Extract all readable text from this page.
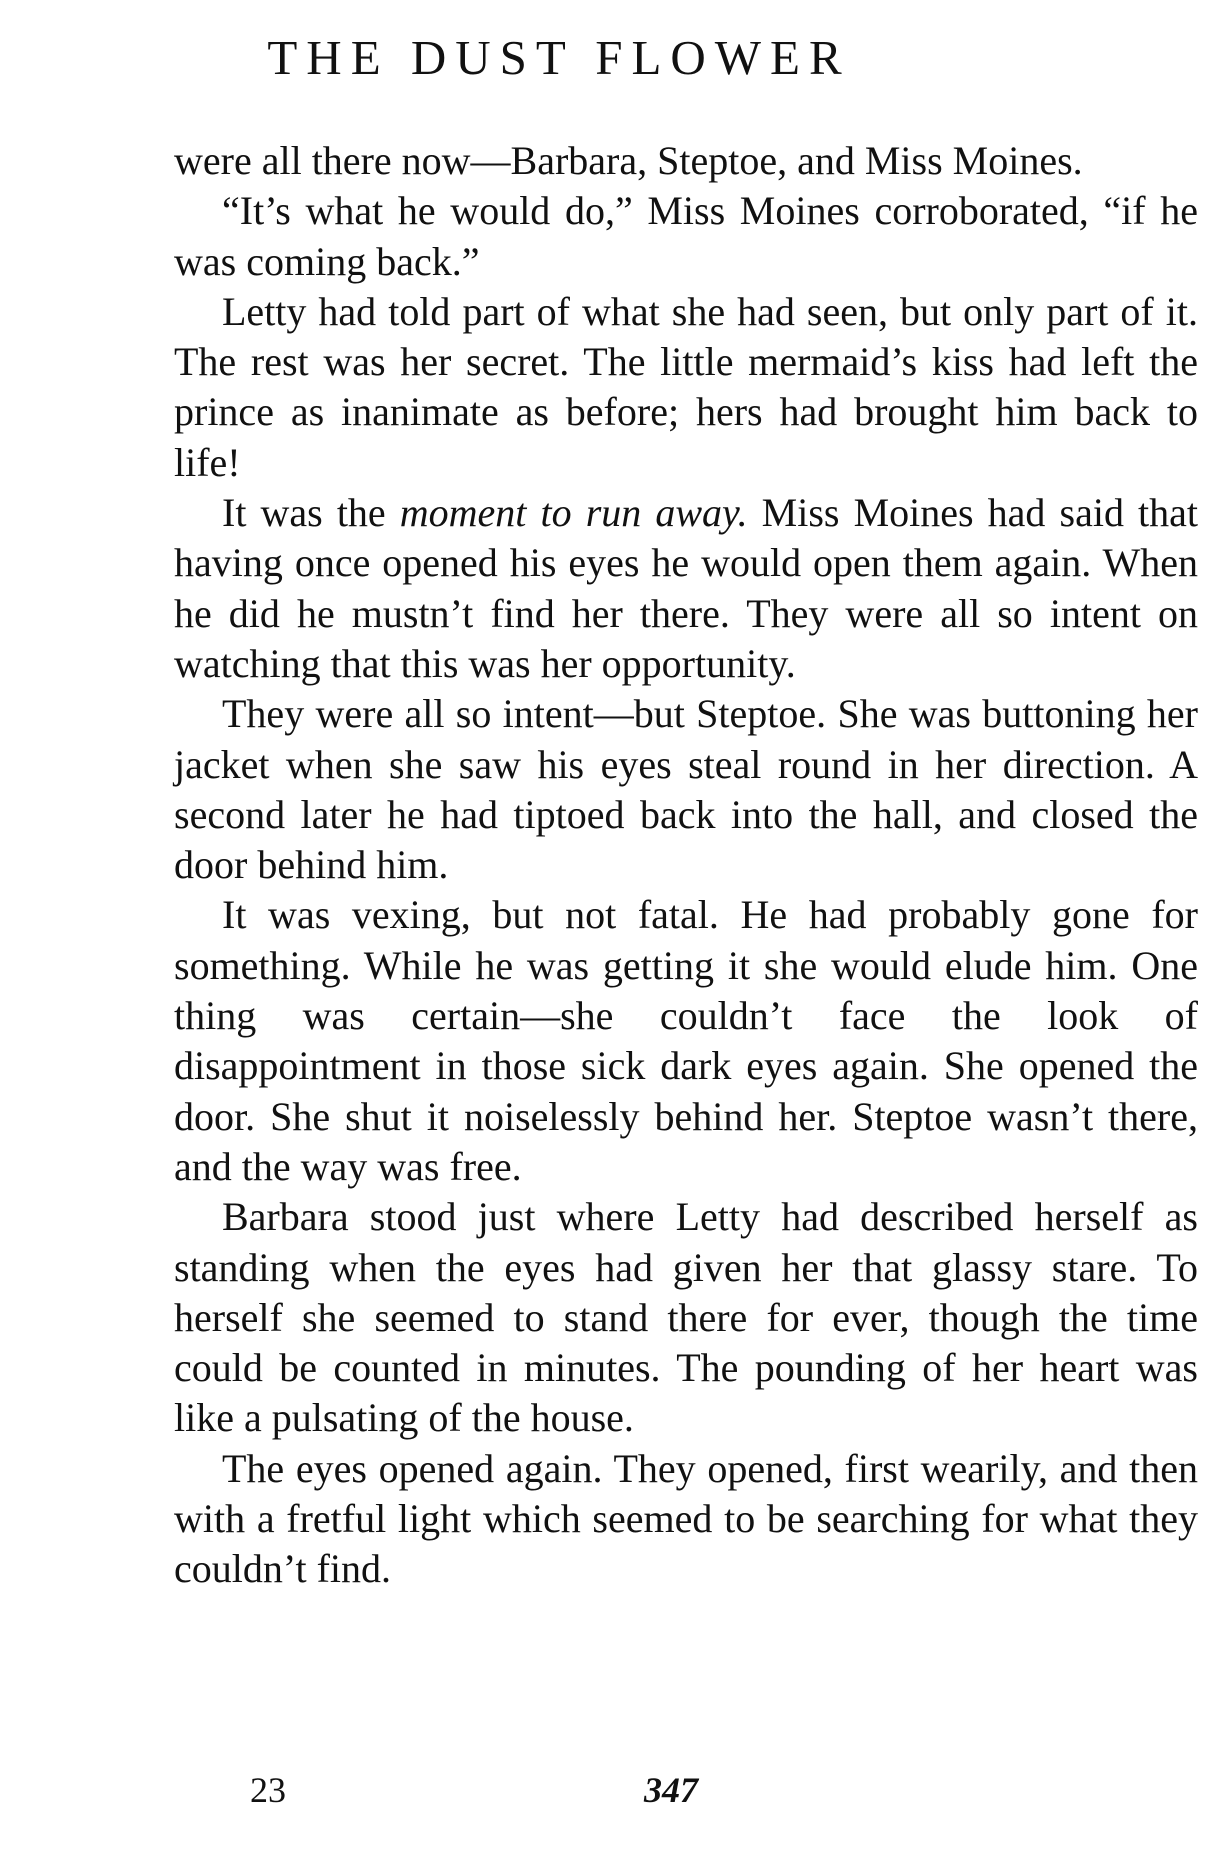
THE DUST FLOWER

were all there now—Barbara, Steptoe, and Miss Moines.

“It’s what he would do,” Miss Moines corroborated, “if he was coming back.”

Letty had told part of what she had seen, but only part of it. The rest was her secret. The little mermaid’s kiss had left the prince as inanimate as before; hers had brought him back to life!

It was the moment to run away. Miss Moines had said that having once opened his eyes he would open them again. When he did he mustn’t find her there. They were all so intent on watching that this was her opportunity.

They were all so intent—but Steptoe. She was buttoning her jacket when she saw his eyes steal round in her direction. A second later he had tiptoed back into the hall, and closed the door behind him.

It was vexing, but not fatal. He had probably gone for something. While he was getting it she would elude him. One thing was certain—she couldn’t face the look of disappointment in those sick dark eyes again. She opened the door. She shut it noiselessly behind her. Steptoe wasn’t there, and the way was free.

Barbara stood just where Letty had described herself as standing when the eyes had given her that glassy stare. To herself she seemed to stand there for ever, though the time could be counted in minutes. The pounding of her heart was like a pulsating of the house.

The eyes opened again. They opened, first wearily, and then with a fretful light which seemed to be searching for what they couldn’t find.

23	347
